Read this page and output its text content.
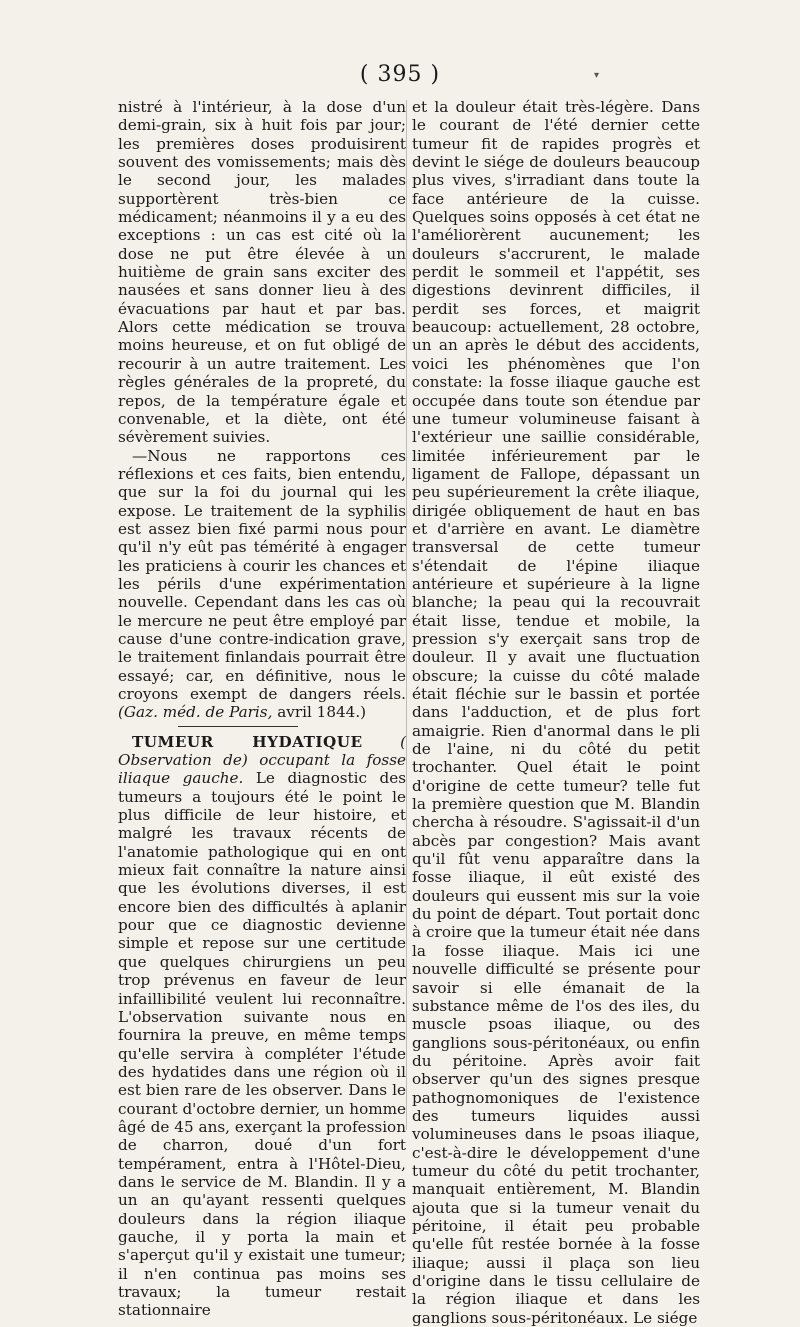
( 395 )	▾

nistré à l'intérieur, à la dose d'un demi-grain, six à huit fois par jour; les premières doses produisirent souvent des vomissements; mais dès le second jour, les malades supportèrent très-bien ce médicament; néanmoins il y a eu des exceptions : un cas est cité où la dose ne put être élevée à un huitième de grain sans exciter des nausées et sans donner lieu à des évacuations par haut et par bas. Alors cette médication se trouva moins heureuse, et on fut obligé de recourir à un autre traitement. Les règles générales de la propreté, du repos, de la température égale et convenable, et la diète, ont été sévèrement suivies.

—Nous ne rapportons ces réflexions et ces faits, bien entendu, que sur la foi du journal qui les expose. Le traitement de la syphilis est assez bien fixé parmi nous pour qu'il n'y eût pas témérité à engager les praticiens à courir les chances et les périls d'une expérimentation nouvelle. Cependant dans les cas où le mercure ne peut être employé par cause d'une contre-indication grave, le traitement finlandais pourrait être essayé; car, en définitive, nous le croyons exempt de dangers réels. (Gaz. méd. de Paris, avril 1844.)

TUMEUR HYDATIQUE ( Observation de) occupant la fosse iliaque gauche. Le diagnostic des tumeurs a toujours été le point le plus difficile de leur histoire, et malgré les travaux récents de l'anatomie pathologique qui en ont mieux fait connaître la nature ainsi que les évolutions diverses, il est encore bien des difficultés à aplanir pour que ce diagnostic devienne simple et repose sur une certitude que quelques chirurgiens un peu trop prévenus en faveur de leur infaillibilité veulent lui reconnaître. L'observation suivante nous en fournira la preuve, en même temps qu'elle servira à compléter l'étude des hydatides dans une région où il est bien rare de les observer. Dans le courant d'octobre dernier, un homme âgé de 45 ans, exerçant la profession de charron, doué d'un fort tempérament, entra à l'Hôtel-Dieu, dans le service de M. Blandin. Il y a un an qu'ayant ressenti quelques douleurs dans la région iliaque gauche, il y porta la main et s'aperçut qu'il y existait une tumeur; il n'en continua pas moins ses travaux; la tumeur restait stationnaire

et la douleur était très-légère. Dans le courant de l'été dernier cette tumeur fit de rapides progrès et devint le siége de douleurs beaucoup plus vives, s'irradiant dans toute la face antérieure de la cuisse. Quelques soins opposés à cet état ne l'améliorèrent aucunement; les douleurs s'accrurent, le malade perdit le sommeil et l'appétit, ses digestions devinrent difficiles, il perdit ses forces, et maigrit beaucoup: actuellement, 28 octobre, un an après le début des accidents, voici les phénomènes que l'on constate: la fosse iliaque gauche est occupée dans toute son étendue par une tumeur volumineuse faisant à l'extérieur une saillie considérable, limitée inférieurement par le ligament de Fallope, dépassant un peu supérieurement la crête iliaque, dirigée obliquement de haut en bas et d'arrière en avant. Le diamètre transversal de cette tumeur s'étendait de l'épine iliaque antérieure et supérieure à la ligne blanche; la peau qui la recouvrait était lisse, tendue et mobile, la pression s'y exerçait sans trop de douleur. Il y avait une fluctuation obscure; la cuisse du côté malade était fléchie sur le bassin et portée dans l'adduction, et de plus fort amaigrie. Rien d'anormal dans le pli de l'aine, ni du côté du petit trochanter. Quel était le point d'origine de cette tumeur? telle fut la première question que M. Blandin chercha à résoudre. S'agissait-il d'un abcès par congestion? Mais avant qu'il fût venu apparaître dans la fosse iliaque, il eût existé des douleurs qui eussent mis sur la voie du point de départ. Tout portait donc à croire que la tumeur était née dans la fosse iliaque. Mais ici une nouvelle difficulté se présente pour savoir si elle émanait de la substance même de l'os des iles, du muscle psoas iliaque, ou des ganglions sous-péritonéaux, ou enfin du péritoine. Après avoir fait observer qu'un des signes presque pathognomoniques de l'existence des tumeurs liquides aussi volumineuses dans le psoas iliaque, c'est-à-dire le développement d'une tumeur du côté du petit trochanter, manquait entièrement, M. Blandin ajouta que si la tumeur venait du péritoine, il était peu probable qu'elle fût restée bornée à la fosse iliaque; aussi il plaça son lieu d'origine dans le tissu cellulaire de la région iliaque et dans les ganglions sous-péritonéaux. Le siége
